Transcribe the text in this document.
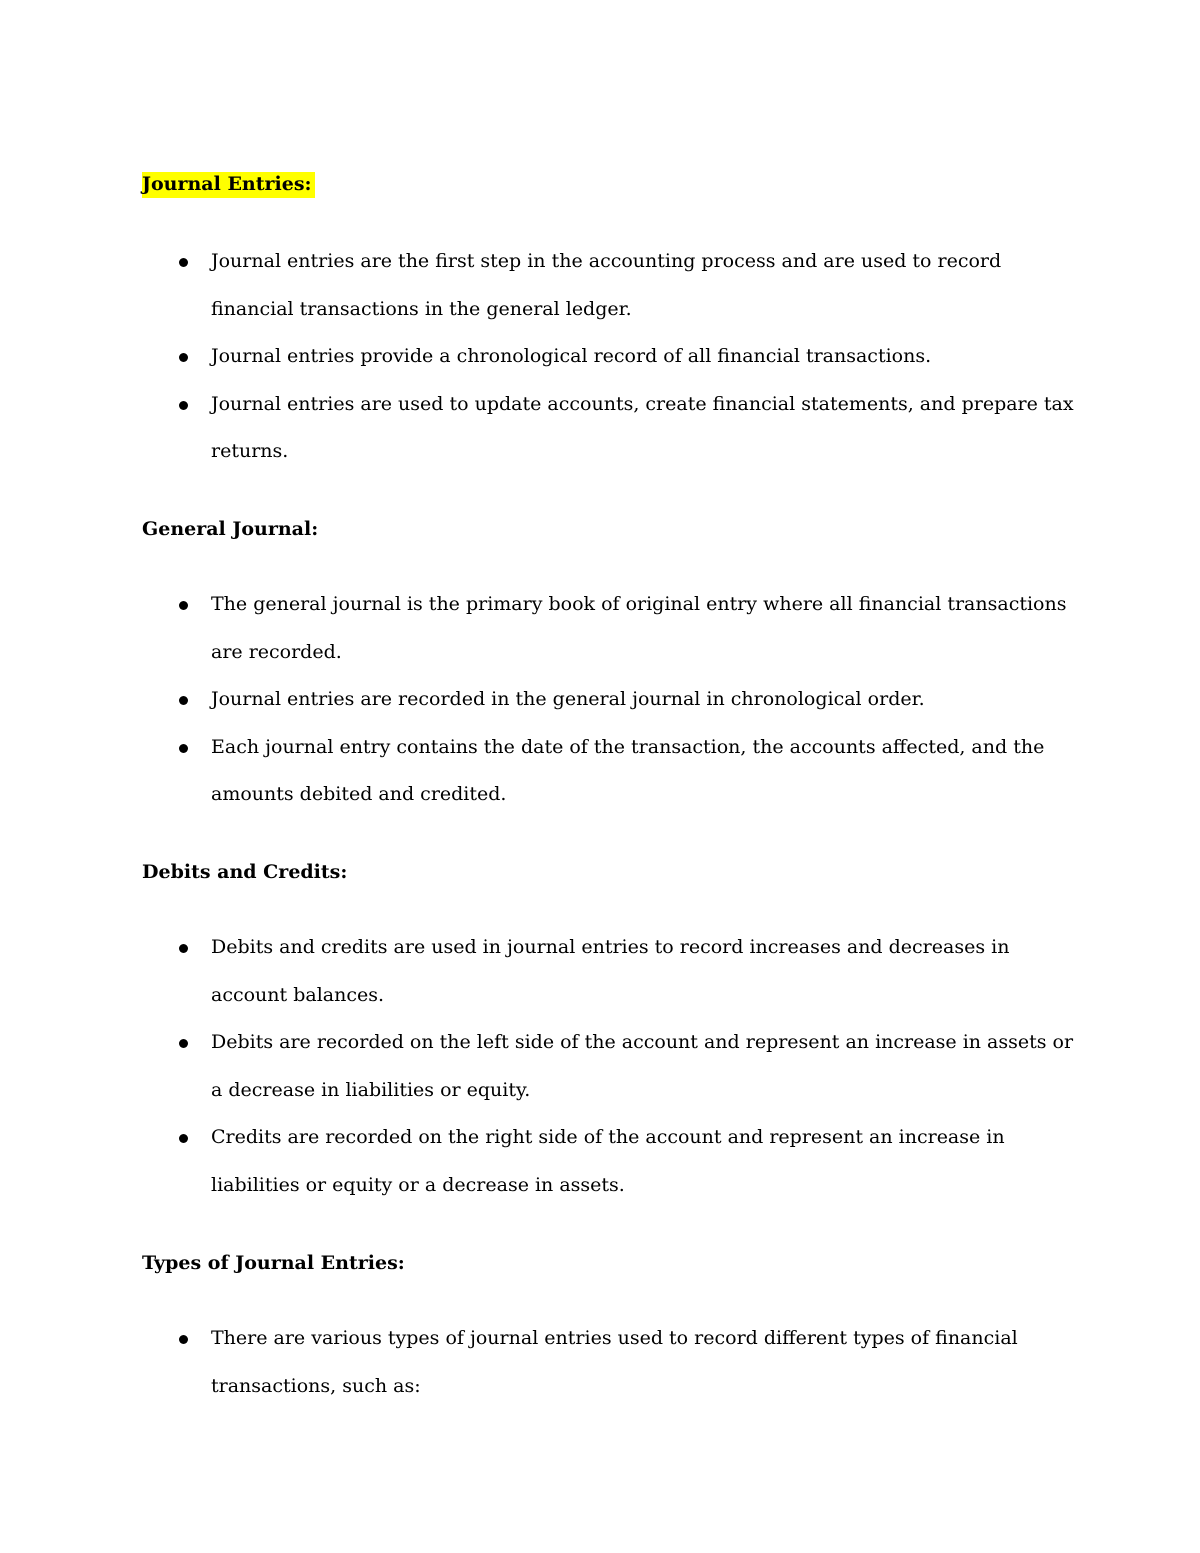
Journal Entries:
Journal entries are the first step in the accounting process and are used to record financial transactions in the general ledger.
Journal entries provide a chronological record of all financial transactions.
Journal entries are used to update accounts, create financial statements, and prepare tax returns.
General Journal:
The general journal is the primary book of original entry where all financial transactions are recorded.
Journal entries are recorded in the general journal in chronological order.
Each journal entry contains the date of the transaction, the accounts affected, and the amounts debited and credited.
Debits and Credits:
Debits and credits are used in journal entries to record increases and decreases in account balances.
Debits are recorded on the left side of the account and represent an increase in assets or a decrease in liabilities or equity.
Credits are recorded on the right side of the account and represent an increase in liabilities or equity or a decrease in assets.
Types of Journal Entries:
There are various types of journal entries used to record different types of financial transactions, such as:
